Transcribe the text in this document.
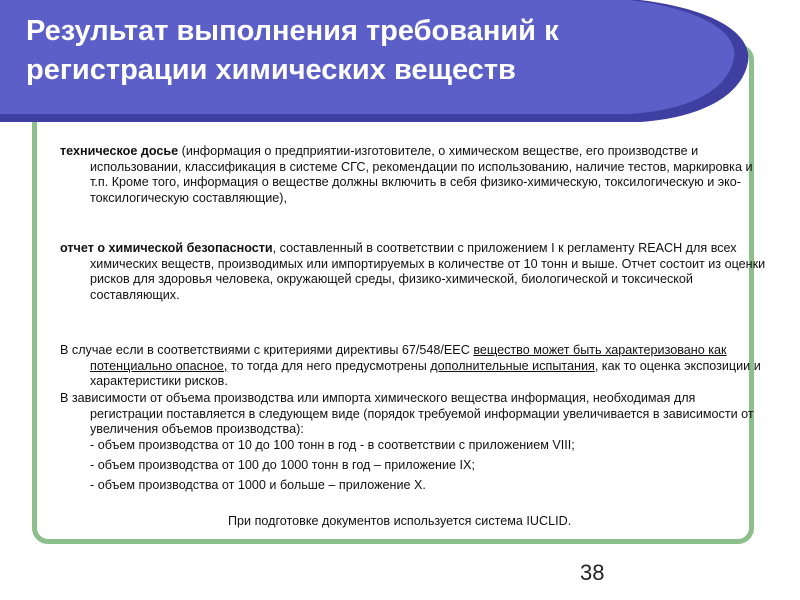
Результат выполнения требований к
регистрации химических веществ
техническое досье (информация о предприятии-изготовителе, о химическом веществе, его производстве и использовании, классификация в системе СГС, рекомендации по использованию, наличие тестов, маркировка и т.п. Кроме того, информация о веществе должны включить в себя физико-химическую, токсилогическую и эко-токсилогическую составляющие),
отчет о химической безопасности, составленный в соответствии с приложением I к регламенту REACH для всех химических веществ, производимых или импортируемых в количестве от 10 тонн и выше. Отчет состоит из оценки рисков для здоровья человека, окружающей среды, физико-химической, биологической и токсической составляющих.
В случае если в соответствиями с критериями директивы 67/548/EEC вещество может быть характеризовано как потенциально опасное, то тогда для него предусмотрены дополнительные испытания, как то оценка экспозиции и характеристики рисков.
В зависимости от объема производства или импорта химического вещества информация, необходимая для регистрации поставляется в следующем виде (порядок требуемой информации увеличивается в зависимости от увеличения объемов производства):
- объем производства от 10 до 100 тонн в год - в соответствии с приложением VIII;
- объем производства от 100 до 1000 тонн в год – приложение IX;
- объем производства от 1000 и больше – приложение X.
При подготовке документов используется система IUCLID.
38
